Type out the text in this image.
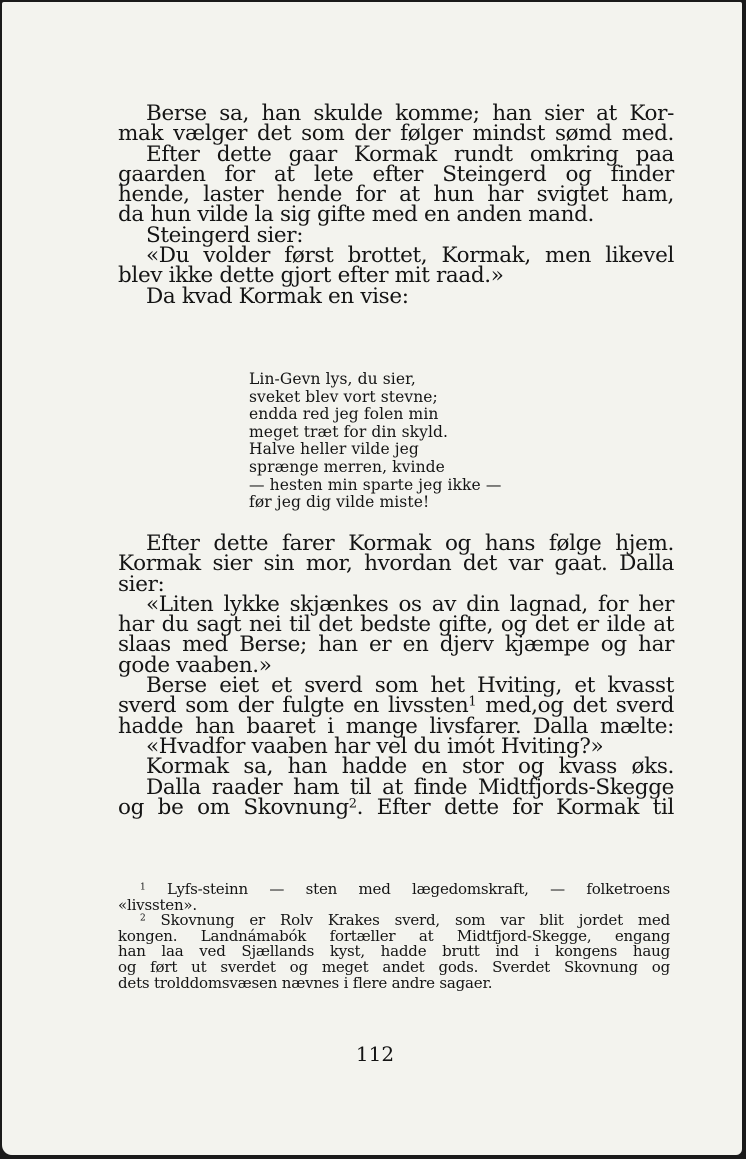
Berse sa, han skulde komme; han sier at Kor-
mak vælger det som der følger mindst sømd med.
Efter dette gaar Kormak rundt omkring paa
gaarden for at lete efter Steingerd og finder
hende, laster hende for at hun har svigtet ham,
da hun vilde la sig gifte med en anden mand.
Steingerd sier:
«Du volder først brottet, Kormak, men likevel
blev ikke dette gjort efter mit raad.»
Da kvad Kormak en vise:
Lin-Gevn lys, du sier,
sveket blev vort stevne;
endda red jeg folen min
meget træt for din skyld.
Halve heller vilde jeg
sprænge merren, kvinde
— hesten min sparte jeg ikke —
før jeg dig vilde miste!
Efter dette farer Kormak og hans følge hjem.
Kormak sier sin mor, hvordan det var gaat. Dalla
sier:
«Liten lykke skjænkes os av din lagnad, for her
har du sagt nei til det bedste gifte, og det er ilde at
slaas med Berse; han er en djerv kjæmpe og har
gode vaaben.»
Berse eiet et sverd som het Hviting, et kvasst
sverd som der fulgte en livssten$^1$ med,og det sverd
hadde han baaret i mange livsfarer. Dalla mælte:
«Hvadfor vaaben har vel du imót Hviting?»
Kormak sa, han hadde en stor og kvass øks.
Dalla raader ham til at finde Midtfjords-Skegge
og be om Skovnung$^2$. Efter dette for Kormak til
$^1$ Lyfs-steinn — sten med lægedomskraft, — folketroens
«livssten».
$^2$ Skovnung er Rolv Krakes sverd, som var blit jordet med
kongen. Landnámabók fortæller at Midtfjord-Skegge, engang
han laa ved Sjællands kyst, hadde brutt ind i kongens haug
og ført ut sverdet og meget andet gods. Sverdet Skovnung og
dets trolddomsvæsen nævnes i flere andre sagaer.
112
